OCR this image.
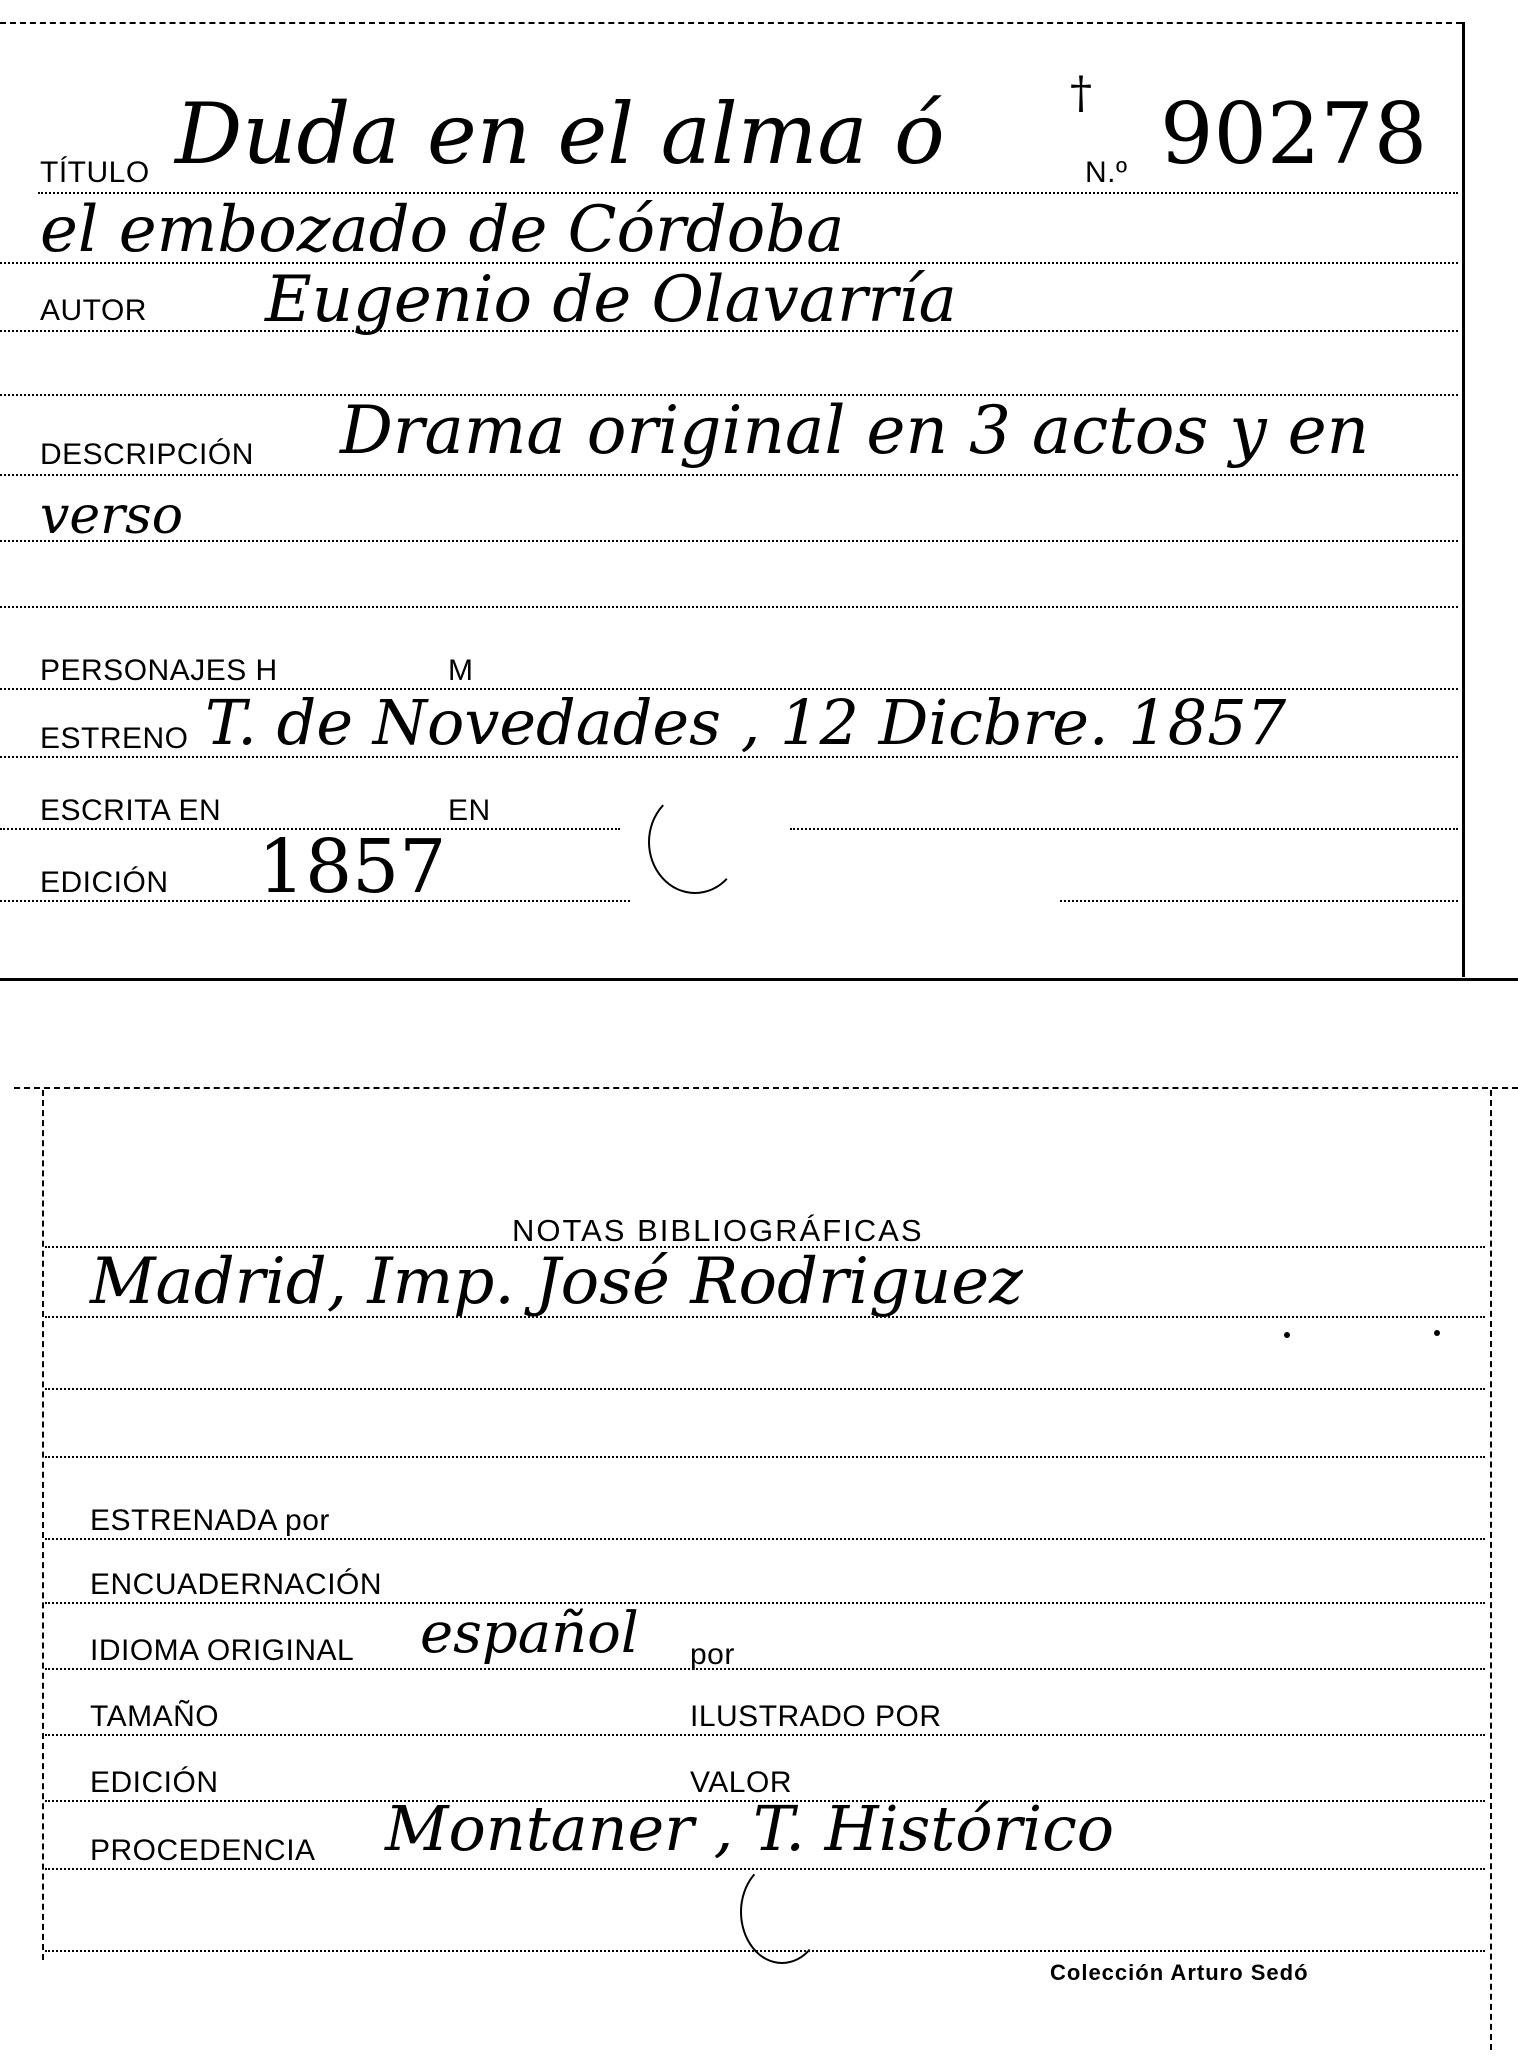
TÍTULO Duda en el alma ó	N.º 90278
†
el embozado de Córdoba
AUTOR Eugenio de Olavarría
DESCRIPCIÓN Drama original en 3 actos y en
verso
PERSONAJES H	M
ESTRENO T. de Novedades , 12 Dicbre. 1857
ESCRITA EN	EN
EDICIÓN 1857
NOTAS BIBLIOGRÁFICAS
Madrid, Imp. José Rodriguez
ESTRENADA por
ENCUADERNACIÓN
IDIOMA ORIGINAL español por
TAMAÑO	ILUSTRADO POR
EDICIÓN	VALOR
PROCEDENCIA Montaner , T. Histórico
Colección Arturo Sedó
